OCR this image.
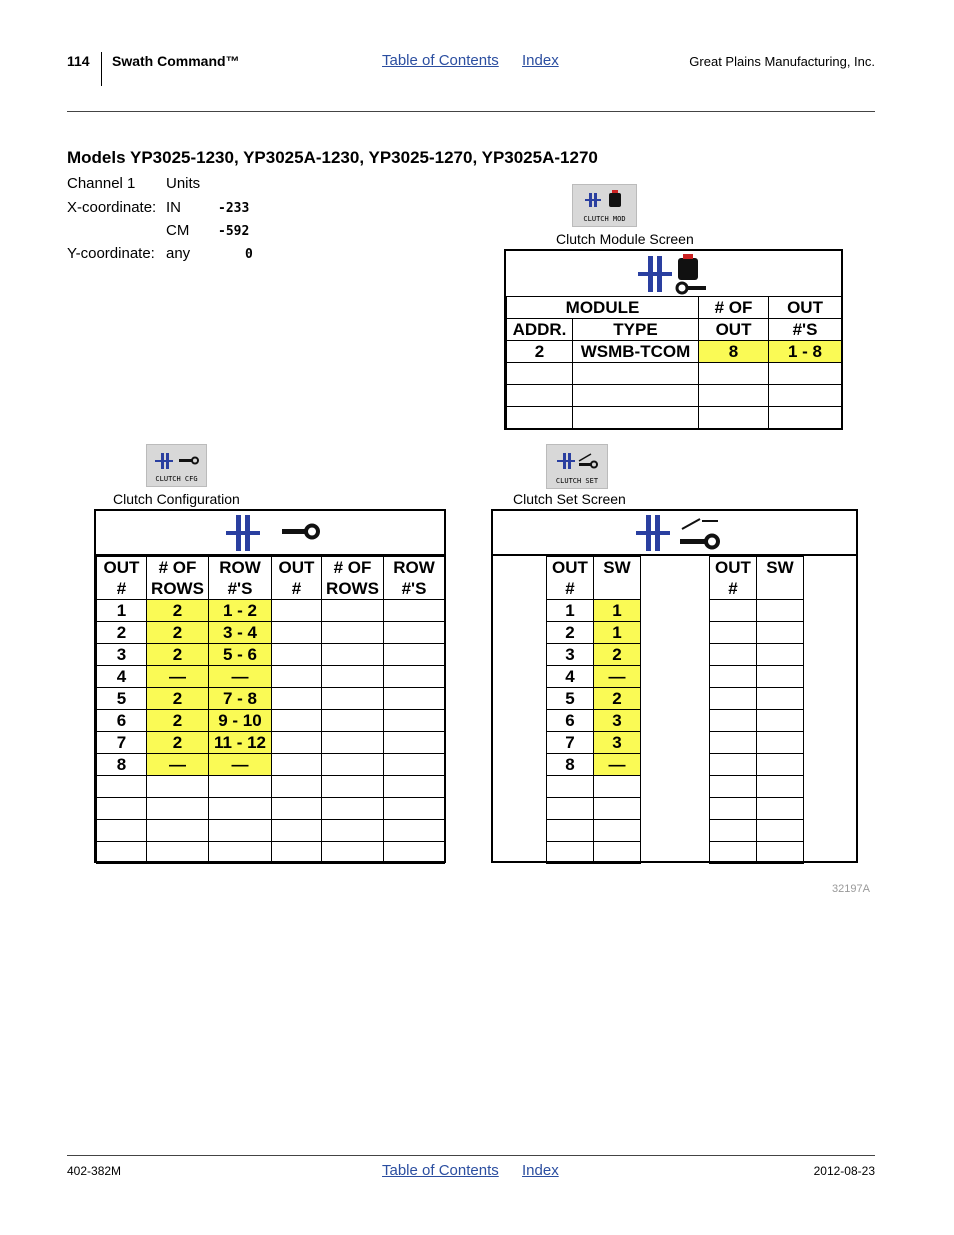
114 Swath Command™	Table of Contents Index	Great Plains Manufacturing, Inc.
Models YP3025-1230, YP3025A-1230, YP3025-1270, YP3025A-1270
Channel 1 Units
X-coordinate: IN	-233
CM -592
Y-coordinate: any	0
CLUTCH MOD
Clutch Module Screen
MODULE		# OF	OUT
ADDR.	TYPE	OUT	#'S
2	WSMB-TCOM	8	1 - 8

CLUTCH CFG
Clutch Configuration
OUT	# OF	ROW	OUT	# OF	ROW
#	ROWS	#'S	#	ROWS	#'S
1	2	1 - 2			
2	2	3 - 4			
3	2	5 - 6			
4	—	—			
5	2	7 - 8			
6	2	9 - 10			
7	2	11 - 12			
8	—	—			

CLUTCH SET
Clutch Set Screen
OUT	SW
#	
1	1
2	1
3	2
4	—
5	2
6	3
7	3
8	—

OUT	SW
#	

32197A
402-382M	Table of Contents Index	2012-08-23
